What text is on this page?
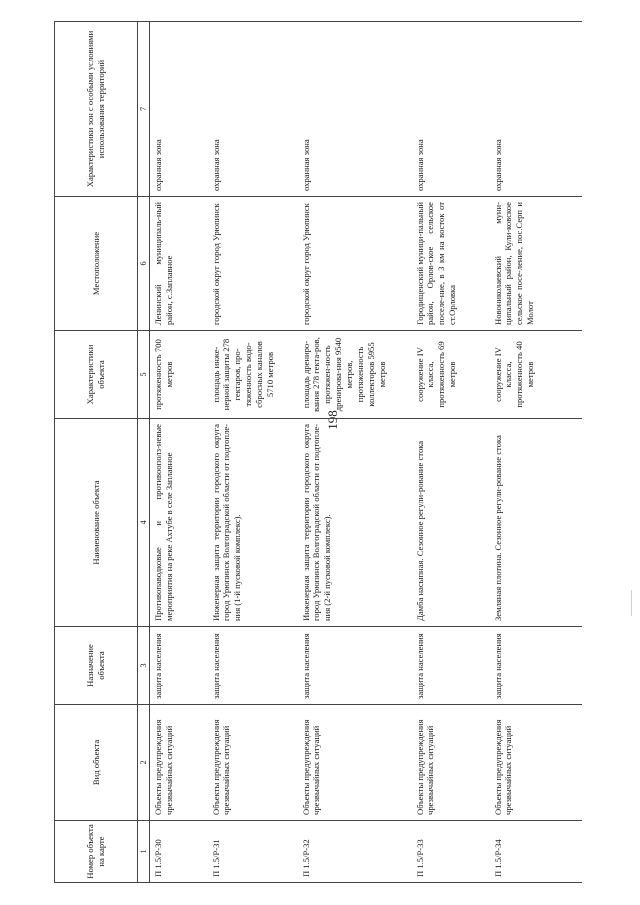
198
Номер объекта на карте	Вид объекта	Назначение объекта	Наименование объекта	Характеристики объекта	Местоположение	Характеристики зон с особыми условиями использования территорий
1	2	3	4	5	6	7
П 1.5/Р-30	Объекты предупреждения чрезвычайных ситуаций	защита населения	Противопаводковые и противоополз-невые мероприятия на реке Ахтубе в селе Заплавное	протяженность 700 метров	Ленинский муниципаль-ный район, с.Заплавное	охранная зона
П 1.5/Р-31	Объекты предупреждения чрезвычайных ситуаций	защита населения	Инженерная защита территории городского округа город Урюпинск Волгоградской области от подтопле-ния (1-й пусковой комплекс).	площадь инже-нерной защиты 278 гектаров, про-тяженность водо-сбросных каналов 5710 метров	городской округ город Урюпинск	охранная зона
П 1.5/Р-32	Объекты предупреждения чрезвычайных ситуаций	защита населения	Инженерная защита территории городского округа город Урюпинск Волгоградской области от подтопле-ния (2-й пусковой комплекс).	площадь дрениро-вания 278 гекта-ров, протяжен-ность дренирова-ния 9540 метров, протяженность коллекторов 5955 метров	городской округ город Урюпинск	охранная зона
П 1.5/Р-33	Объекты предупреждения чрезвычайных ситуаций	защита населения	Дамба насыпная. Сезонное регули-рование стока	сооружение IV класса, протяженность 69 метров	Городищенский муници-пальный район, Орлов-ское сельское поселе-ние, в 3 км на восток от ст.Орловка	охранная зона
П 1.5/Р-34	Объекты предупреждения чрезвычайных ситуаций	защита населения	Земляная плотина. Сезонное регули-рование стока	сооружение IV класса, протяженность 40 метров	Новониколаевский муни-ципальный район, Кули-ковское сельское посе-ление, пос.Серп и Молот	охранная зона
